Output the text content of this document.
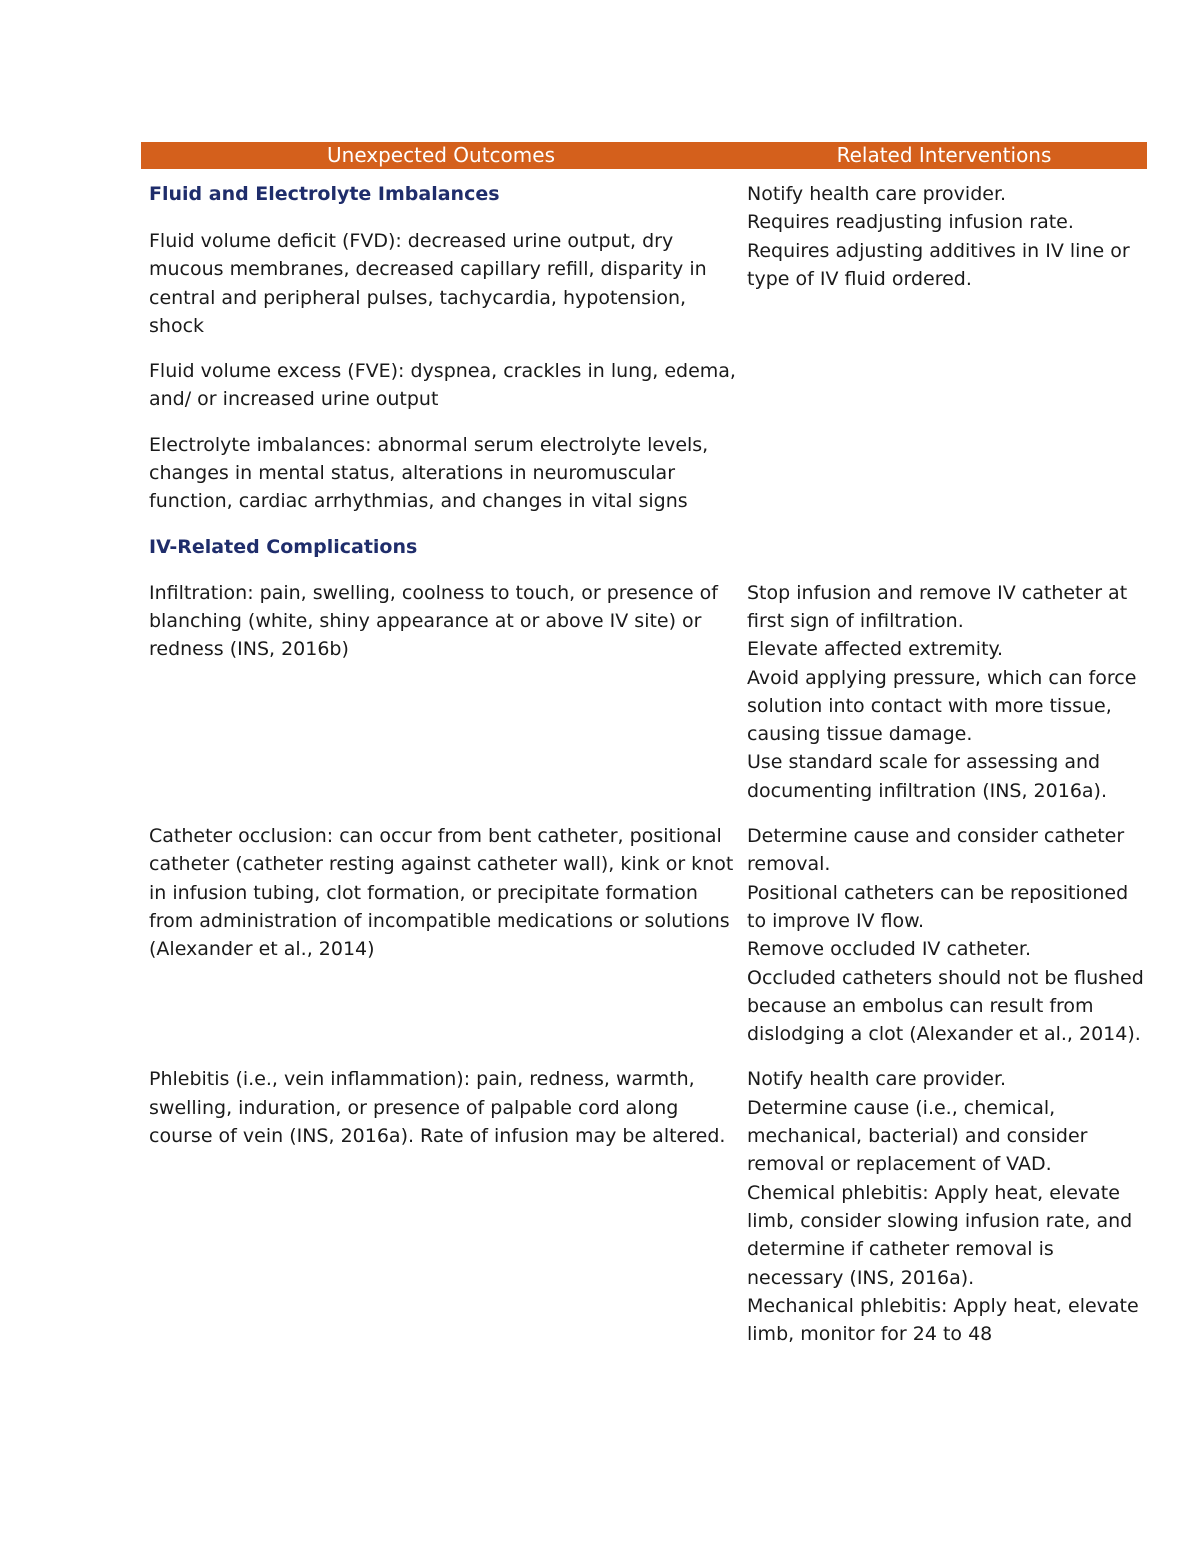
Unexpected Outcomes	Related Interventions
Fluid and Electrolyte Imbalances

Fluid volume deficit (FVD): decreased urine output, dry mucous membranes, decreased capillary refill, disparity in central and peripheral pulses, tachycardia, hypotension, shock

Fluid volume excess (FVE): dyspnea, crackles in lung, edema, and/ or increased urine output

Electrolyte imbalances: abnormal serum electrolyte levels, changes in mental status, alterations in neuromuscular function, cardiac arrhythmias, and changes in vital signs

Notify health care provider.

Requires readjusting infusion rate.

Requires adjusting additives in IV line or type of IV fluid ordered.

IV-Related Complications

Infiltration: pain, swelling, coolness to touch, or presence of blanching (white, shiny appearance at or above IV site) or redness (INS, 2016b)

Stop infusion and remove IV catheter at first sign of infiltration.

Elevate affected extremity.

Avoid applying pressure, which can force solution into contact with more tissue, causing tissue damage.

Use standard scale for assessing and documenting infiltration (INS, 2016a).

Catheter occlusion: can occur from bent catheter, positional catheter (catheter resting against catheter wall), kink or knot in infusion tubing, clot formation, or precipitate formation from administration of incompatible medications or solutions (Alexander et al., 2014)

Determine cause and consider catheter removal.

Positional catheters can be repositioned to improve IV flow.

Remove occluded IV catheter.

Occluded catheters should not be flushed because an embolus can result from dislodging a clot (Alexander et al., 2014).

Phlebitis (i.e., vein inflammation): pain, redness, warmth, swelling, induration, or presence of palpable cord along course of vein (INS, 2016a). Rate of infusion may be altered.

Notify health care provider.

Determine cause (i.e., chemical, mechanical, bacterial) and consider removal or replacement of VAD.

Chemical phlebitis: Apply heat, elevate limb, consider slowing infusion rate, and determine if catheter removal is necessary (INS, 2016a).

Mechanical phlebitis: Apply heat, elevate limb, monitor for 24 to 48
